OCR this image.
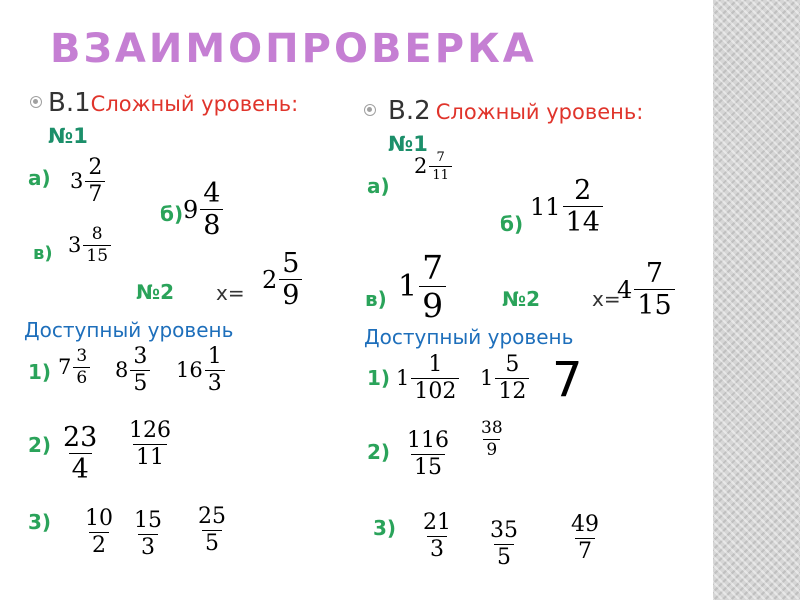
ВЗАИМОПРОВЕРКА
В.1Сложный уровень:
№1
а) $3 \frac{2}{7}$
б) $9 \frac{4}{8}$
в) $3 \frac{8}{15}$
№2 $x= 2 \frac{5}{9}$
Доступный уровень
1) $7 \frac{3}{6} 8 \frac{3}{5} 16 \frac{1}{3}$
$2) \frac{23}{4} \frac{126}{11}$
$3) \frac{10}{2} \frac{15}{3} \frac{25}{5}$
В.2 Сложный уровень:
№1
а)
$2 \frac{7}{11}$
б)
$11 \frac{2}{14}$
в) $1 \frac{7}{9}$	№2	x=
$4 \frac{7}{15}$
Доступный уровень
1) $1 \frac{1}{102} 1 \frac{5}{12} 7$
$2) \frac{116}{15} \frac{38}{9}$
$3) \frac{21}{3} \frac{35}{5} \frac{49}{7}$
